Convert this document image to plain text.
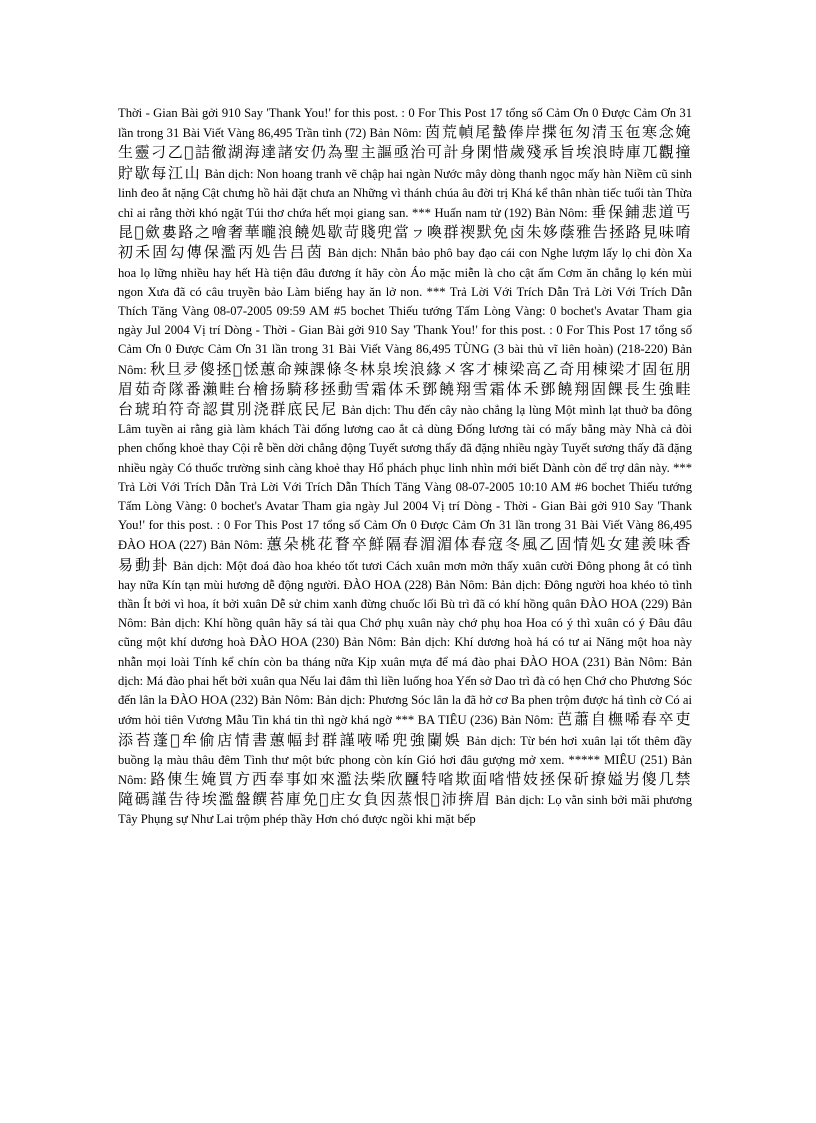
Thời - Gian Bài gởi 910 Say 'Thank You!' for this post. : 0 For This Post 17 tổng số Cảm Ơn 0 Được Cảm Ơn 31 lần trong 31 Bài Viết Vàng 86,495 Trần tình (72) Bản Nôm: 茵荒幀尾蟄俸岸揲㐌匆清玉㐌寒念㛪生靈刁乙𡢐詰徹湖海達諸安仍為聖主謳亟治可計身閑惜歲殘承旨埃浪時庫兀觀撞貯歇每江山 Bản dịch: Non hoang tranh vẽ chập hai ngàn Nước mây dòng thanh ngọc mấy hàn Niềm cũ sinh linh đeo ắt nặng Cật chưng hồ hải đặt chưa an Những vì thánh chúa âu đời trị Khá kể thân nhàn tiếc tuổi tàn Thừa chỉ ai rằng thời khó ngặt Túi thơ chứa hết mọi giang san. *** Huấn nam tử (192) Bản Nôm: 垂保鋪悲道丐昆𦁼歛婁路之噲奢華曨浪饒処歇苛賤兜當ㇷ喚群禊默免卤朱姼蔭雅告拯路見味唷初禾固勾傳保濫丙処告吕茵 Bản dịch: Nhắn bảo phô bay đạo cái con Nghe lượm lấy lọ chi đòn Xa hoa lọ lững nhiều hay hết Hà tiện đâu đương ít hãy còn Áo mặc miễn là cho cật ấm Cơm ăn chẳng lọ kén mùi ngon Xưa đã có câu truyền bảo Làm biếng hay ăn lở non. *** Trả Lời Với Trích Dẫn Trả Lời Với Trích Dẫn Thích Tăng Vàng 08-07-2005 09:59 AM #5 bochet Thiếu tướng Tấm Lòng Vàng: 0 bochet's Avatar Tham gia ngày Jul 2004 Vị trí Dòng - Thời - Gian Bài gởi 910 Say 'Thank You!' for this post. : 0 For This Post 17 tổng số Cảm Ơn 0 Được Cảm Ơn 31 lần trong 31 Bài Viết Vàng 86,495 TÙNG (3 bài thủ vĩ liên hoàn) (218-220) Bản Nôm: 秋旦夛傻拯𨒺恡蕙命辣課條冬林泉埃浪緣㐅客才棟梁高乙奇用棟梁才固㐌朋眉茹奇隊番瀨畦台檜扬騎移拯動雪霜体禾鄧饒翔雪霜体禾鄧饒翔固餜長生強畦台琥珀符奇認貫別浇群底民尼 Bản dịch: Thu đến cây nào chẳng lạ lùng Một mình lạt thuở ba đông Lâm tuyền ai rằng già làm khách Tài đống lương cao ắt cả dùng Đống lương tài có mấy bằng mày Nhà cả đòi phen chống khoẻ thay Cội rễ bền dời chẳng động Tuyết sương thấy đã đặng nhiều ngày Tuyết sương thấy đã đặng nhiều ngày Có thuốc trường sinh càng khoẻ thay Hổ phách phục linh nhìn mới biết Dành còn để trợ dân này. *** Trả Lời Với Trích Dẫn Trả Lời Với Trích Dẫn Thích Tăng Vàng 08-07-2005 10:10 AM #6 bochet Thiếu tướng Tấm Lòng Vàng: 0 bochet's Avatar Tham gia ngày Jul 2004 Vị trí Dòng - Thời - Gian Bài gởi 910 Say 'Thank You!' for this post. : 0 For This Post 17 tổng số Cảm Ơn 0 Được Cảm Ơn 31 lần trong 31 Bài Viết Vàng 86,495 ĐÀO HOA (227) Bản Nôm: 蕙朵桃花瞀卒鮮隔春湄湄体春寇冬風乙固情処女建羨味香易動卦 Bản dịch: Một đoá đào hoa khéo tốt tươi Cách xuân mơn mởn thấy xuân cười Đông phong ắt có tình hay nữa Kín tạn mùi hương dễ động người. ĐÀO HOA (228) Bản Nôm: Bản dịch: Đông người hoa khéo tỏ tình thần Ít bởi vì hoa, ít bởi xuân Dễ sử chim xanh đừng chuốc lối Bù trì đã có khí hồng quân ĐÀO HOA (229) Bản Nôm: Bản dịch: Khí hồng quân hãy sá tài qua Chớ phụ xuân này chớ phụ hoa Hoa có ý thì xuân có ý Đâu đâu cũng một khí dương hoà ĐÀO HOA (230) Bản Nôm: Bản dịch: Khí dương hoà há có tư ai Năng một hoa này nhẫn mọi loài Tính kể chín còn ba tháng nữa Kịp xuân mựa để má đào phai ĐÀO HOA (231) Bản Nôm: Bản dịch: Má đào phai hết bởi xuân qua Nếu lai đâm thì liền luống hoa Yến sở Dao trì đà có hẹn Chớ cho Phương Sóc đến lân la ĐÀO HOA (232) Bản Nôm: Bản dịch: Phương Sóc lân la đã hở cơ Ba phen trộm được há tình cờ Có ai ướm hỏi tiên Vương Mẫu Tin khá tin thì ngờ khá ngờ *** BA TIÊU (236) Bản Nôm: 芭蕭自橅唏春卒吏添苔蓬𨒺牟偷店情書蕙幅封群謹㖡唏兜強䦨娛 Bản dịch: Từ bén hơi xuân lại tốt thêm đầy buồng lạ màu thâu đêm Tình thư một bức phong còn kín Gió hơi đâu gượng mở xem. ***** MIÊU (251) Bản Nôm: 路倲生㛪買方西奉事如來濫法柴欣㔶特㗂欺面㗂惜妓拯保斫撩㜋屴傻几禁𨻫碼謹告待埃濫盤饌苔庫免𡎝庄女負因蒸恨𣾼沛捹眉 Bản dịch: Lọ vằn sinh bởi mãi phương Tây Phụng sự Như Lai trộm phép thầy Hơn chó được ngồi khi mặt bếp
